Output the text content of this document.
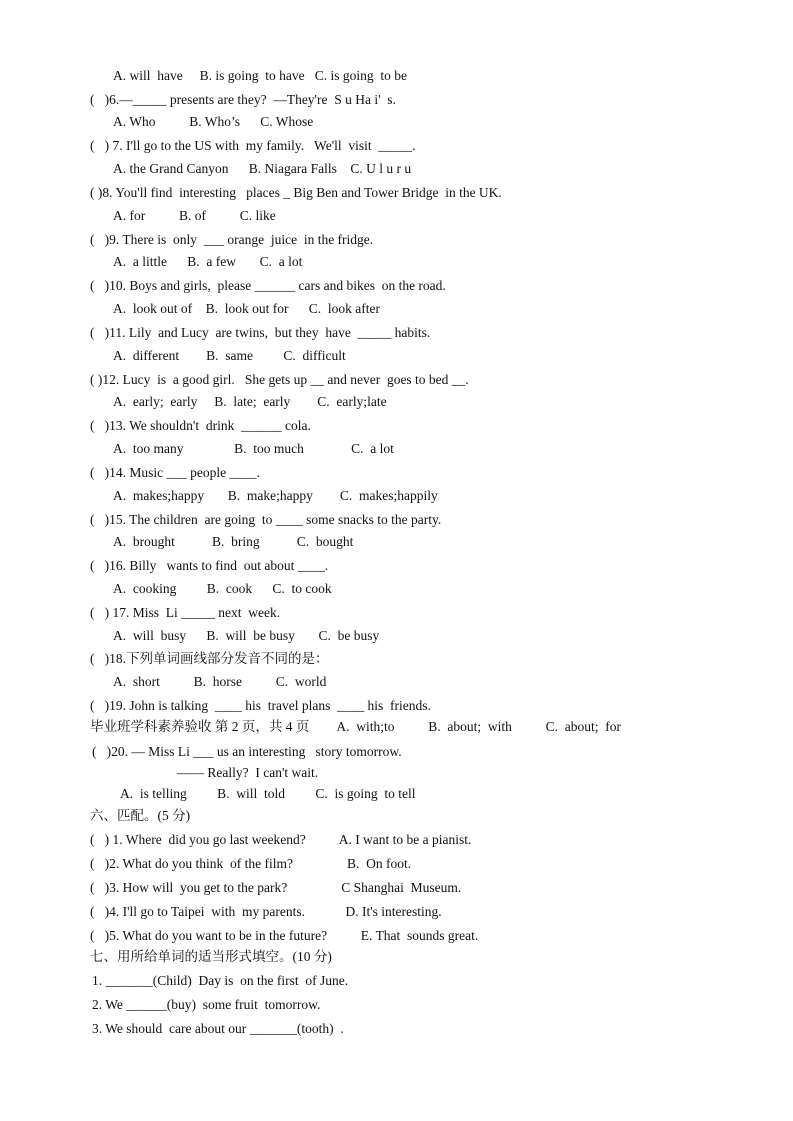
A. will  have     B. is going  to have   C. is going  to be
(   )6.—_____ presents are they?  —They're  S u Ha i'  s.
A. Who          B. Who’s      C. Whose
(   ) 7. I'll go to the US with  my family.   We'll  visit  _____.
A. the Grand Canyon      B. Niagara Falls    C. U l u r u
( )8. You'll find  interesting   places _ Big Ben and Tower Bridge  in the UK.
A. for          B. of          C. like
(   )9. There is  only  ___ orange  juice  in the fridge.
A.  a little      B.  a few       C.  a lot
(   )10. Boys and girls,  please ______ cars and bikes  on the road.
A.  look out of    B.  look out for      C.  look after
(   )11. Lily  and Lucy  are twins,  but they  have  _____ habits.
A.  different        B.  same         C.  difficult
( )12. Lucy  is  a good girl.   She gets up __ and never  goes to bed __.
A.  early;  early     B.  late;  early        C.  early;late
(   )13. We shouldn't  drink  ______ cola.
A.  too many               B.  too much              C.  a lot
(   )14. Music ___ people ____.
A.  makes;happy       B.  make;happy        C.  makes;happily
(   )15. The children  are going  to ____ some snacks to the party.
A.  brought           B.  bring           C.  bought
(   )16. Billy   wants to find  out about ____.
A.  cooking         B.  cook      C.  to cook
(   ) 17. Miss  Li _____ next  week.
A.  will  busy      B.  will  be busy       C.  be busy
(   )18.下列单词画线部分发音不同的是：
A.  short          B.  horse          C.  world
(   )19. John is talking  ____ his  travel plans  ____ his  friends.
毕业班学科素养验收 第 2 页，共 4 页        A.  with;to          B.  about;  with          C.  about;  for
(   )20. — Miss Li ___ us an interesting   story tomorrow.
—— Really?  I can't wait.
A.  is telling         B.  will  told         C.  is going  to tell
六、匹配。(5 分)
(   ) 1. Where  did you go last weekend?          A. I want to be a pianist.
(   )2. What do you think  of the film?                B.  On foot.
(   )3. How will  you get to the park?                C Shanghai  Museum.
(   )4. I'll go to Taipei  with  my parents.            D. It's interesting.
(   )5. What do you want to be in the future?          E. That  sounds great.
七、用所给单词的适当形式填空。(10 分)
1. _______(Child)  Day is  on the first  of June.
2. We ______(buy)  some fruit  tomorrow.
3. We should  care about our _______(tooth)  .
